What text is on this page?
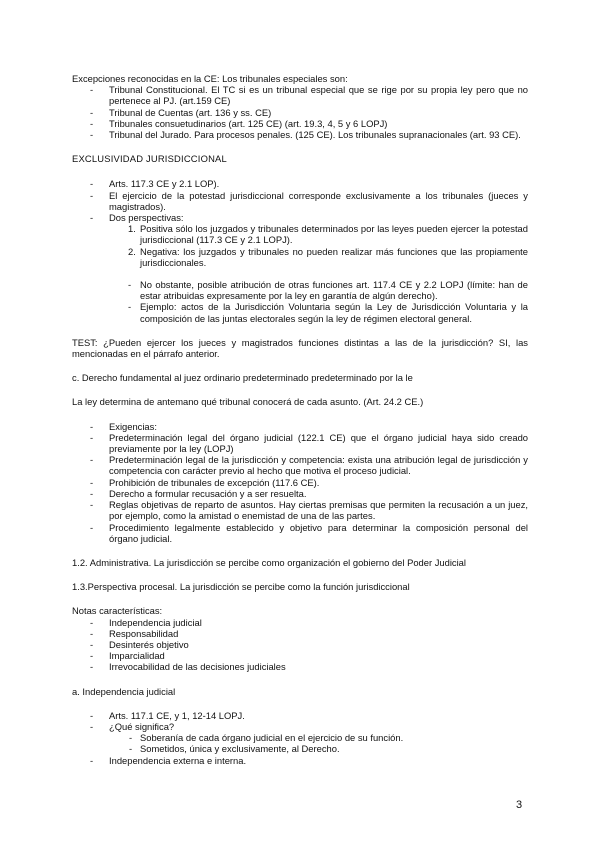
Excepciones reconocidas en la CE: Los tribunales especiales son:

- Tribunal Constitucional. El TC si es un tribunal especial que se rige por su propia ley pero que no pertenece al PJ. (art.159 CE)
- Tribunal de Cuentas (art. 136 y ss. CE)
- Tribunales consuetudinarios (art. 125 CE) (art. 19.3, 4, 5 y 6 LOPJ)
- Tribunal del Jurado. Para procesos penales. (125 CE). Los tribunales supranacionales (art. 93 CE).

EXCLUSIVIDAD JURISDICCIONAL

- Arts. 117.3 CE y 2.1 LOP).
- El ejercicio de la potestad jurisdiccional corresponde exclusivamente a los tribunales (jueces y magistrados).
- Dos perspectivas:
1. Positiva sólo los juzgados y tribunales determinados por las leyes pueden ejercer la potestad jurisdiccional (117.3 CE y 2.1 LOPJ).
2. Negativa: los juzgados y tribunales no pueden realizar más funciones que las propiamente jurisdiccionales.
- No obstante, posible atribución de otras funciones art. 117.4 CE y 2.2 LOPJ (límite: han de estar atribuidas expresamente por la ley en garantía de algún derecho).
- Ejemplo: actos de la Jurisdicción Voluntaria según la Ley de Jurisdicción Voluntaria y la composición de las juntas electorales según la ley de régimen electoral general.

TEST: ¿Pueden ejercer los jueces y magistrados funciones distintas a las de la jurisdicción? SI, las mencionadas en el párrafo anterior.

c. Derecho fundamental al juez ordinario predeterminado predeterminado por la le

La ley determina de antemano qué tribunal conocerá de cada asunto. (Art. 24.2 CE.)

- Exigencias:
- Predeterminación legal del órgano judicial (122.1 CE) que el órgano judicial haya sido creado previamente por la ley (LOPJ)
- Predeterminación legal de la jurisdicción y competencia: exista una atribución legal de jurisdicción y competencia con carácter previo al hecho que motiva el proceso judicial.
- Prohibición de tribunales de excepción (117.6 CE).
- Derecho a formular recusación y a ser resuelta.
- Reglas objetivas de reparto de asuntos. Hay ciertas premisas que permiten la recusación a un juez, por ejemplo, como la amistad o enemistad de una de las partes.
- Procedimiento legalmente establecido y objetivo para determinar la composición personal del órgano judicial.

1.2. Administrativa. La jurisdicción se percibe como organización el gobierno del Poder Judicial

1.3.Perspectiva procesal. La jurisdicción se percibe como la función jurisdiccional

Notas características:

- Independencia judicial
- Responsabilidad
- Desinterés objetivo
- Imparcialidad
- Irrevocabilidad de las decisiones judiciales

a. Independencia judicial

- Arts. 117.1 CE, y 1, 12-14 LOPJ.
- ¿Qué significa?
- Soberanía de cada órgano judicial en el ejercicio de su función.
- Sometidos, única y exclusivamente, al Derecho.
- Independencia externa e interna.
3
